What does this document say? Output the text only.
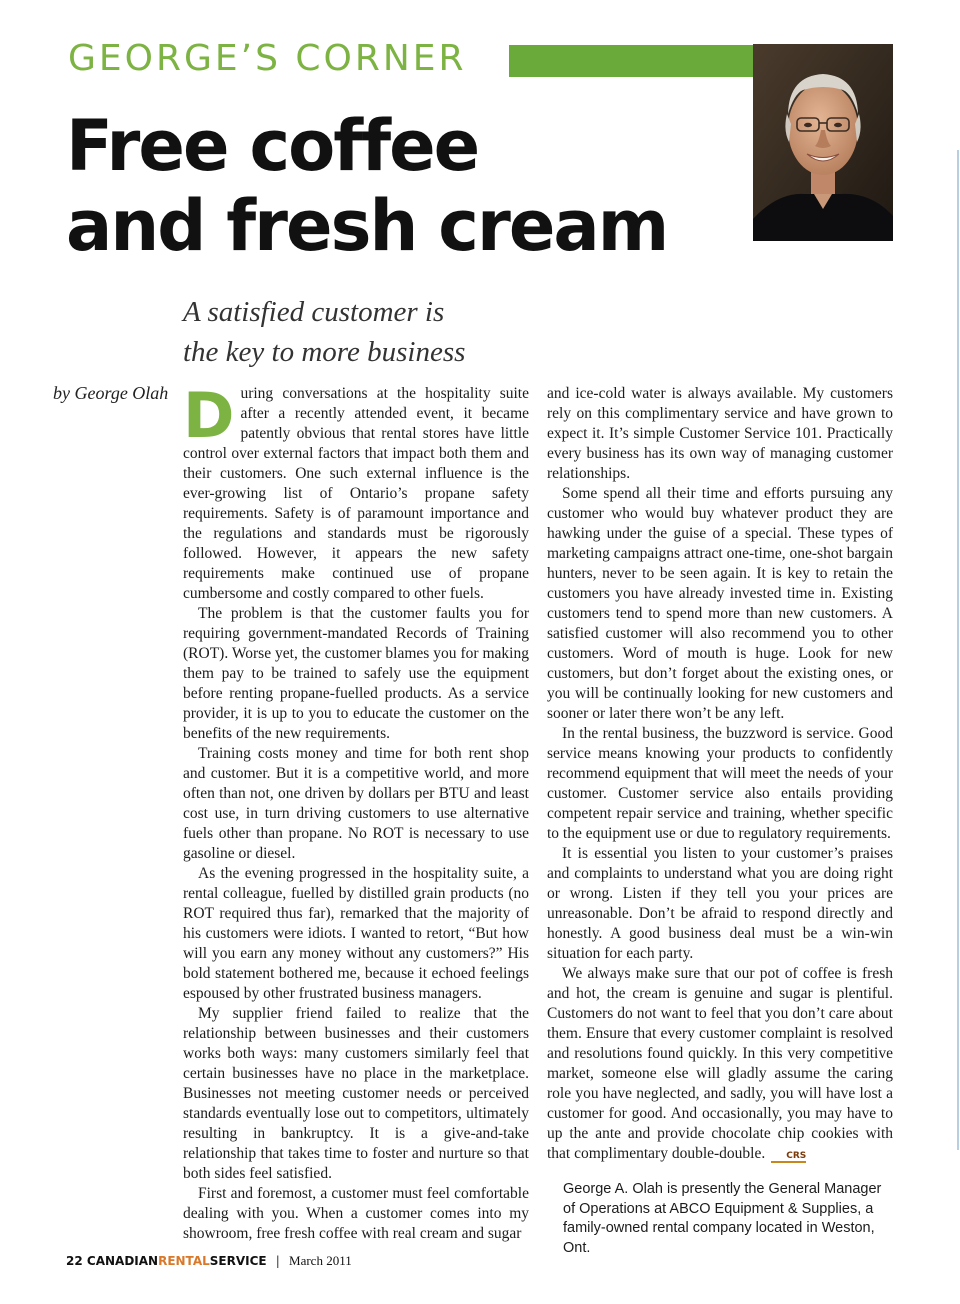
GEORGE’S CORNER
Free coffee
and fresh cream
A satisfied customer is
the key to more business
by George Olah During conversations at the hospitality suite after a recently attended event, it became patently obvious that rental stores have little control over external factors that impact both them and their customers. One such external influence is the ever-growing list of Ontario’s propane safety requirements. Safety is of paramount importance and the regulations and standards must be rigorously followed. However, it appears the new safety requirements make continued use of propane cumbersome and costly compared to other fuels.

The problem is that the customer faults you for requiring government-mandated Records of Training (ROT). Worse yet, the customer blames you for making them pay to be trained to safely use the equipment before renting propane-fuelled products. As a service provider, it is up to you to educate the customer on the benefits of the new requirements.

Training costs money and time for both rent shop and customer. But it is a competitive world, and more often than not, one driven by dollars per BTU and least cost use, in turn driving customers to use alternative fuels other than propane. No ROT is necessary to use gasoline or diesel.

As the evening progressed in the hospitality suite, a rental colleague, fuelled by distilled grain products (no ROT required thus far), remarked that the majority of his customers were idiots. I wanted to retort, “But how will you earn any money without any customers?” His bold statement bothered me, because it echoed feelings espoused by other frustrated business managers.

My supplier friend failed to realize that the relationship between businesses and their customers works both ways: many customers similarly feel that certain businesses have no place in the marketplace. Businesses not meeting customer needs or perceived standards eventually lose out to competitors, ultimately resulting in bankruptcy. It is a give-and-take relationship that takes time to foster and nurture so that both sides feel satisfied.

First and foremost, a customer must feel comfortable dealing with you. When a customer comes into my showroom, free fresh coffee with real cream and sugar

and ice-cold water is always available. My customers rely on this complimentary service and have grown to expect it. It’s simple Customer Service 101. Practically every business has its own way of managing customer relationships.

Some spend all their time and efforts pursuing any customer who would buy whatever product they are hawking under the guise of a special. These types of marketing campaigns attract one-time, one-shot bargain hunters, never to be seen again. It is key to retain the customers you have already invested time in. Existing customers tend to spend more than new customers. A satisfied customer will also recommend you to other customers. Word of mouth is huge. Look for new customers, but don’t forget about the existing ones, or you will be continually looking for new customers and sooner or later there won’t be any left.

In the rental business, the buzzword is service. Good service means knowing your products to confidently recommend equipment that will meet the needs of your customer. Customer service also entails providing competent repair service and training, whether specific to the equipment use or due to regulatory requirements.

It is essential you listen to your customer’s praises and complaints to understand what you are doing right or wrong. Listen if they tell you your prices are unreasonable. Don’t be afraid to respond directly and honestly. A good business deal must be a win-win situation for each party.

We always make sure that our pot of coffee is fresh and hot, the cream is genuine and sugar is plentiful. Customers do not want to feel that you don’t care about them. Ensure that every customer complaint is resolved and resolutions found quickly. In this very competitive market, someone else will gladly assume the caring role you have neglected, and sadly, you will have lost a customer for good. And occasionally, you may have to up the ante and provide chocolate chip cookies with that complimentary double-double. CRS

George A. Olah is presently the General Manager of Operations at ABCO Equipment & Supplies, a family-owned rental company located in Weston, Ont.
22 CANADIANRENTALSERVICE | March 2011
